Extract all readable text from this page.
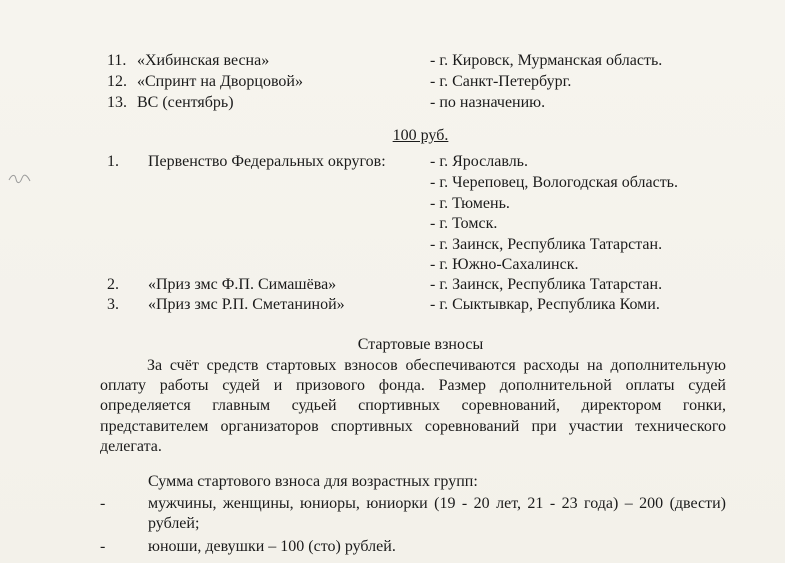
11. «Хибинская весна»	- г. Кировск, Мурманская область.
12. «Спринт на Дворцовой»	- г. Санкт-Петербург.
13. ВС (сентябрь)	- по назначению.
100 руб.
1. Первенство Федеральных округов:	- г. Ярославль.
- г. Череповец, Вологодская область.
- г. Тюмень.
- г. Томск.
- г. Заинск, Республика Татарстан.
- г. Южно-Сахалинск.
2. «Приз змс Ф.П. Симашёва»	- г. Заинск, Республика Татарстан.
3. «Приз змс Р.П. Сметаниной»	- г. Сыктывкар, Республика Коми.
Стартовые взносы
За счёт средств стартовых взносов обеспечиваются расходы на дополнительную оплату работы судей и призового фонда. Размер дополнительной оплаты судей определяется главным судьей спортивных соревнований, директором гонки, представителем организаторов спортивных соревнований при участии технического делегата.
Сумма стартового взноса для возрастных групп:
-	мужчины, женщины, юниоры, юниорки (19 - 20 лет, 21 - 23 года) – 200 (двести) рублей;
-	юноши, девушки – 100 (сто) рублей.
